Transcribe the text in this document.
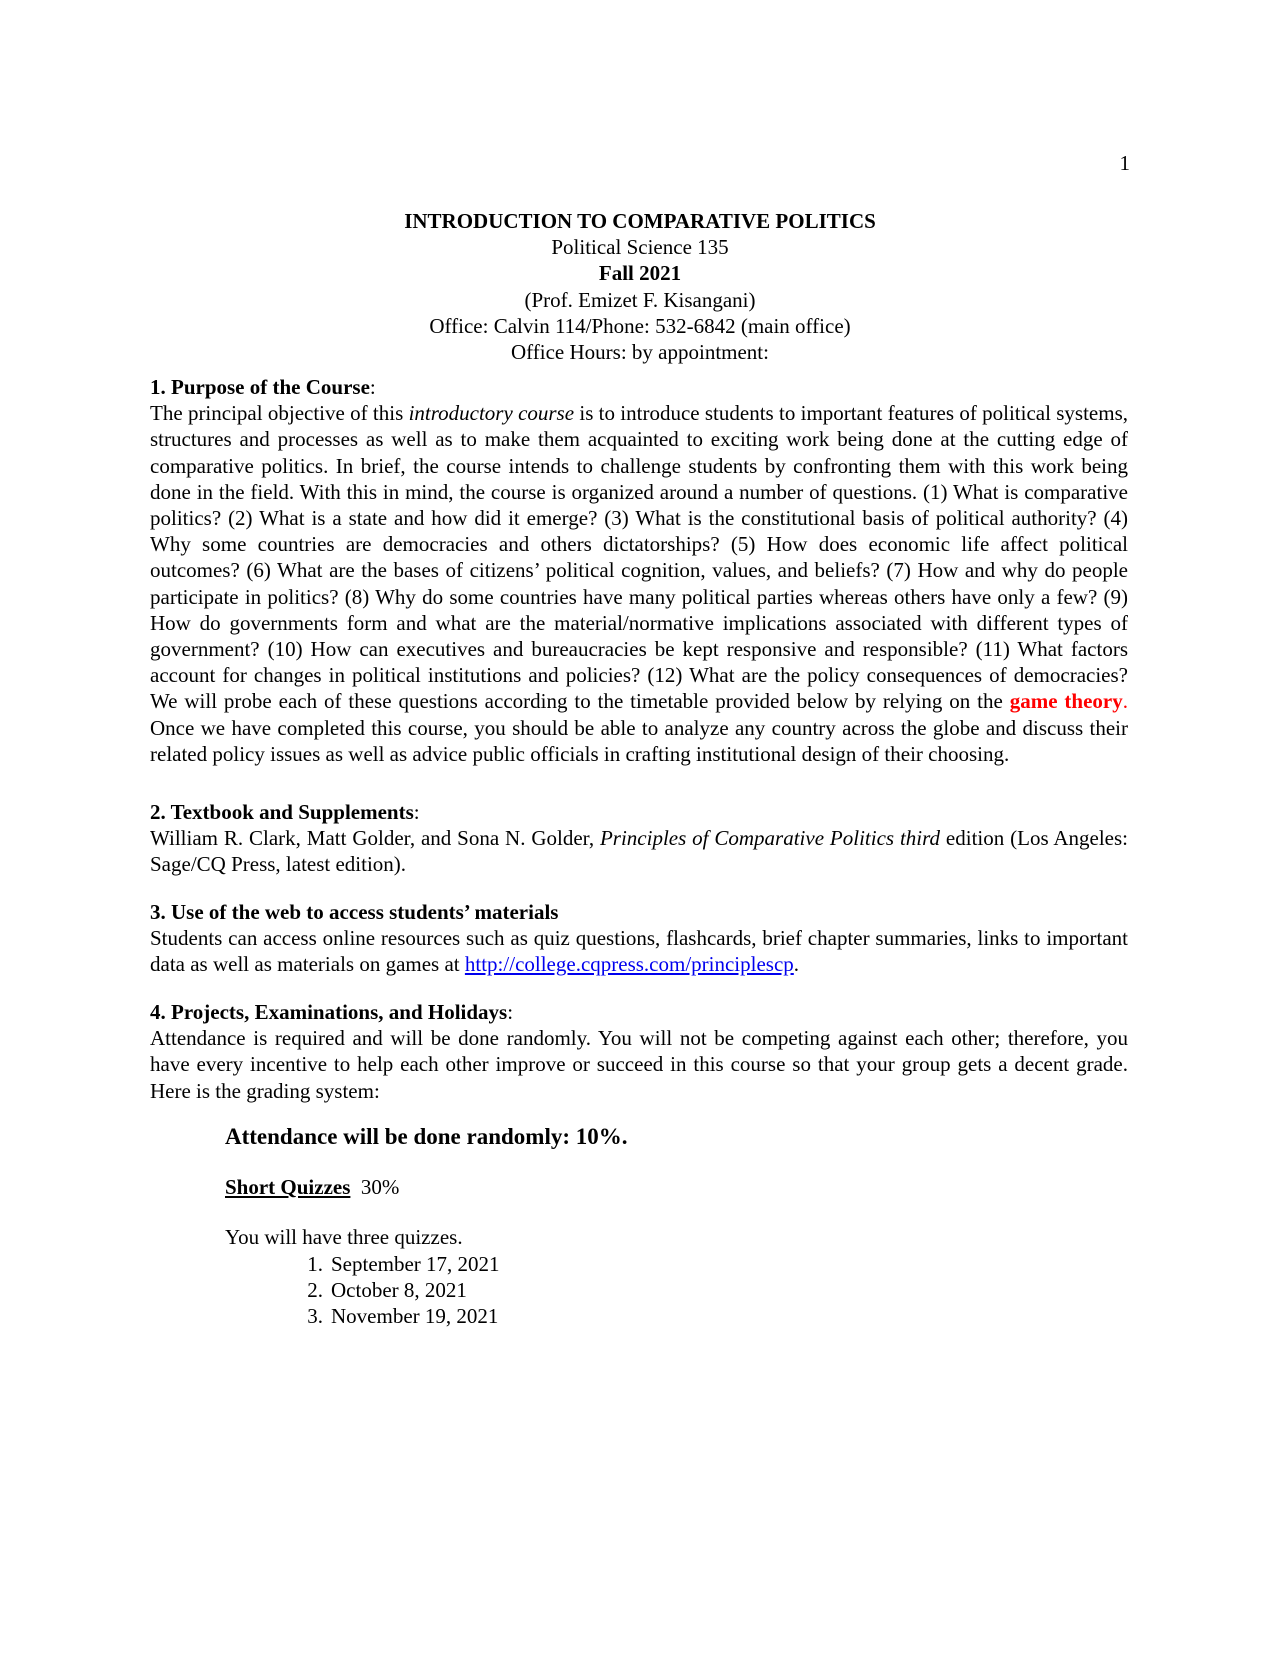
1
INTRODUCTION TO COMPARATIVE POLITICS
Political Science 135
Fall 2021
(Prof. Emizet F. Kisangani)
Office: Calvin 114/Phone: 532-6842 (main office)
Office Hours: by appointment:
1. Purpose of the Course:
The principal objective of this introductory course is to introduce students to important features of political systems, structures and processes as well as to make them acquainted to exciting work being done at the cutting edge of comparative politics. In brief, the course intends to challenge students by confronting them with this work being done in the field. With this in mind, the course is organized around a number of questions. (1) What is comparative politics? (2) What is a state and how did it emerge? (3) What is the constitutional basis of political authority? (4) Why some countries are democracies and others dictatorships? (5) How does economic life affect political outcomes? (6) What are the bases of citizens’ political cognition, values, and beliefs? (7) How and why do people participate in politics? (8) Why do some countries have many political parties whereas others have only a few? (9) How do governments form and what are the material/normative implications associated with different types of government? (10) How can executives and bureaucracies be kept responsive and responsible? (11) What factors account for changes in political institutions and policies? (12) What are the policy consequences of democracies? We will probe each of these questions according to the timetable provided below by relying on the game theory. Once we have completed this course, you should be able to analyze any country across the globe and discuss their related policy issues as well as advice public officials in crafting institutional design of their choosing.
2. Textbook and Supplements:
William R. Clark, Matt Golder, and Sona N. Golder, Principles of Comparative Politics third edition (Los Angeles: Sage/CQ Press, latest edition).
3. Use of the web to access students’ materials
Students can access online resources such as quiz questions, flashcards, brief chapter summaries, links to important data as well as materials on games at http://college.cqpress.com/principlescp.
4. Projects, Examinations, and Holidays:
Attendance is required and will be done randomly. You will not be competing against each other; therefore, you have every incentive to help each other improve or succeed in this course so that your group gets a decent grade. Here is the grading system:
Attendance will be done randomly: 10%.
Short Quizzes 30%
You will have three quizzes.
1. September 17, 2021
2. October 8, 2021
3. November 19, 2021
